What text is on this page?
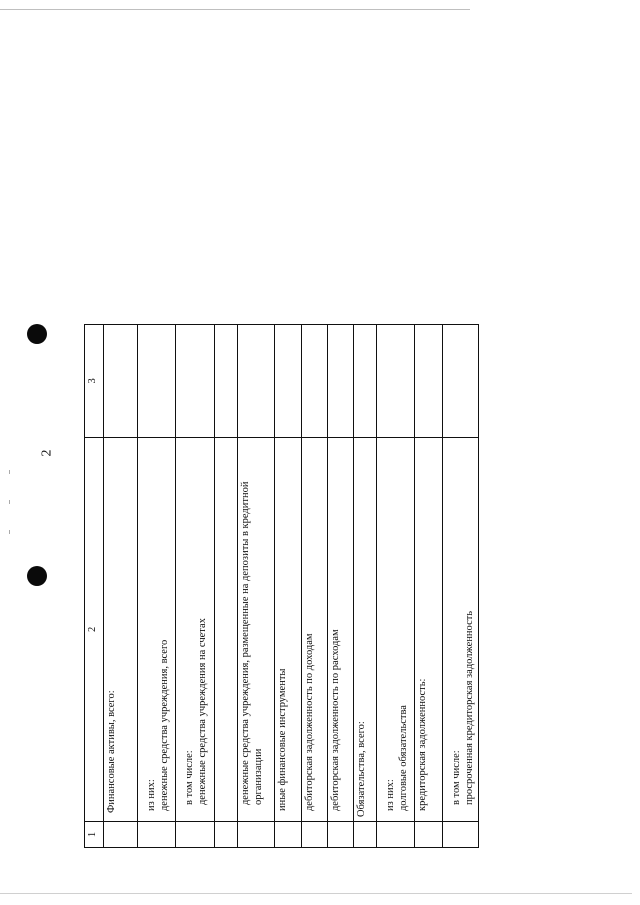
2
1	2	3
	Финансовые активы, всего:	

	из них: денежные средства учреждения, всего	

	в том числе: денежные средства учреждения на счетах	

	денежные средства учреждения, размещенные на депозиты в кредитной организации	
	иные финансовые инструменты	
	дебиторская задолженность по доходам	
	дебиторская задолженность по расходам	
	Обязательства, всего:	

	из них: долговые обязательства	

	кредиторская задолженность:	

	в том числе: просроченная кредиторская задолженность	
